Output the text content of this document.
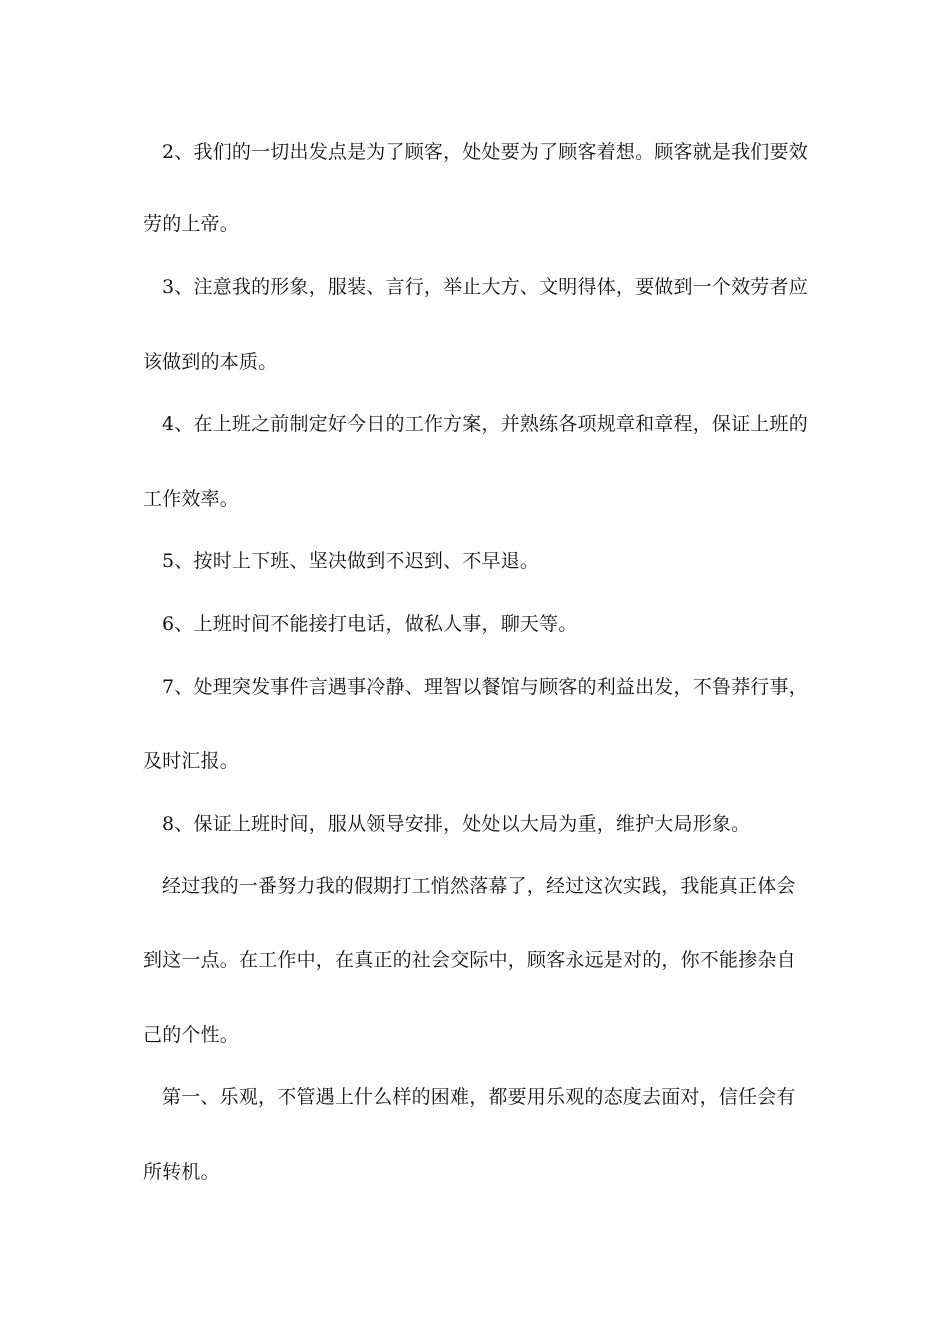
2、我们的一切出发点是为了顾客，处处要为了顾客着想。顾客就是我们要效
劳的上帝。
3、注意我的形象，服装、言行，举止大方、文明得体，要做到一个效劳者应
该做到的本质。
4、在上班之前制定好今日的工作方案，并熟练各项规章和章程，保证上班的
工作效率。
5、按时上下班、坚决做到不迟到、不早退。
6、上班时间不能接打电话，做私人事，聊天等。
7、处理突发事件言遇事冷静、理智以餐馆与顾客的利益出发，不鲁莽行事，
及时汇报。
8、保证上班时间，服从领导安排，处处以大局为重，维护大局形象。
经过我的一番努力我的假期打工悄然落幕了，经过这次实践，我能真正体会
到这一点。在工作中，在真正的社会交际中，顾客永远是对的，你不能掺杂自
己的个性。
第一、乐观，不管遇上什么样的困难，都要用乐观的态度去面对，信任会有
所转机。
